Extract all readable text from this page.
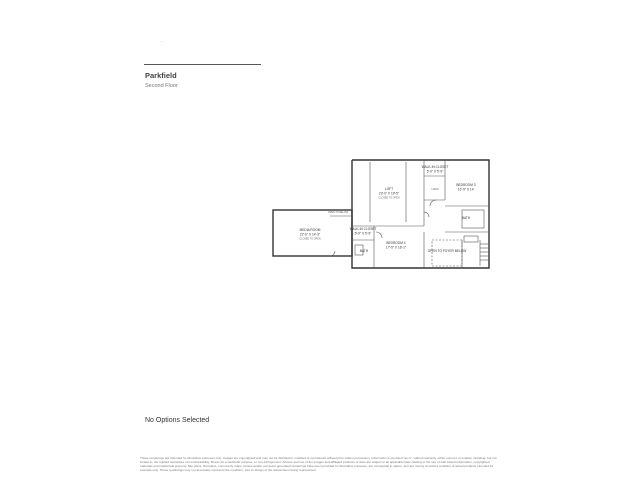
— ·
Parkfield
Second Floor
LOFT
23'-0" X 19'-5"
CLOSED TO OPEN
WALK-IN CLOSET
5'-9" X 5'-9"
BEDROOM 3
16'-5" X 14'
BATH
MEDIA ROOM
22'-6" X 14'-3"
CLOSED TO OPEN
WALK-IN CLOSET
5'-9" X 5'-9"
BEDROOM 4
17'-5" X 16'-1"
BATH	OPEN TO FOYER BELOW
LINEN
OPEN TO BELOW
No Options Selected
These renderings are intended for illustrative purposes only. Images are copyrighted and may not be distributed, modified or reproduced without prior written permission. Information is provided "as is", without warranty, either express or implied, including, but not limited to, the implied warranties of merchantability, fitness for a particular purpose, or non-infringement. Access and use of the images and affiliated products or links are subject to all applicable laws relating to the use of web-based information, copyrighted materials and intellectual property. Site plans, floorplans, community maps, photos and/or computer generated renderings have been provided for illustrative purposes, are conceptual in nature, and are merely an artist's rendition of actual products intended for example only. These renderings may not accurately represent the condition, size or design of the actual items being represented.
